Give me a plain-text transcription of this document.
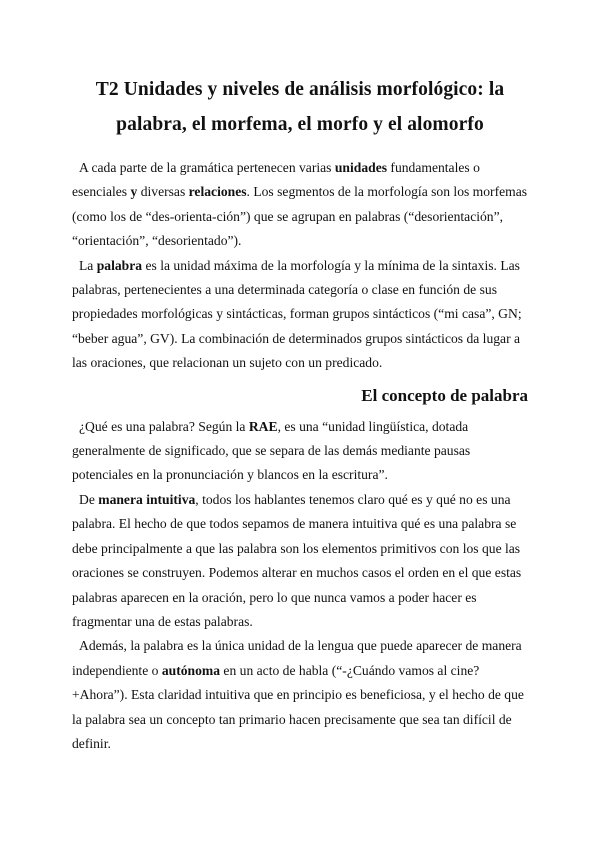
T2 Unidades y niveles de análisis morfológico: la palabra, el morfema, el morfo y el alomorfo

A cada parte de la gramática pertenecen varias unidades fundamentales o esenciales y diversas relaciones. Los segmentos de la morfología son los morfemas (como los de “des-orienta-ción”) que se agrupan en palabras (“desorientación”, “orientación”, “desorientado”).

La palabra es la unidad máxima de la morfología y la mínima de la sintaxis. Las palabras, pertenecientes a una determinada categoría o clase en función de sus propiedades morfológicas y sintácticas, forman grupos sintácticos (“mi casa”, GN; “beber agua”, GV). La combinación de determinados grupos sintácticos da lugar a las oraciones, que relacionan un sujeto con un predicado.

El concepto de palabra

¿Qué es una palabra? Según la RAE, es una “unidad lingüística, dotada generalmente de significado, que se separa de las demás mediante pausas potenciales en la pronunciación y blancos en la escritura”.

De manera intuitiva, todos los hablantes tenemos claro qué es y qué no es una palabra. El hecho de que todos sepamos de manera intuitiva qué es una palabra se debe principalmente a que las palabra son los elementos primitivos con los que las oraciones se construyen. Podemos alterar en muchos casos el orden en el que estas palabras aparecen en la oración, pero lo que nunca vamos a poder hacer es fragmentar una de estas palabras.

Además, la palabra es la única unidad de la lengua que puede aparecer de manera independiente o autónoma en un acto de habla (“-¿Cuándo vamos al cine? +Ahora”). Esta claridad intuitiva que en principio es beneficiosa, y el hecho de que la palabra sea un concepto tan primario hacen precisamente que sea tan difícil de definir.
